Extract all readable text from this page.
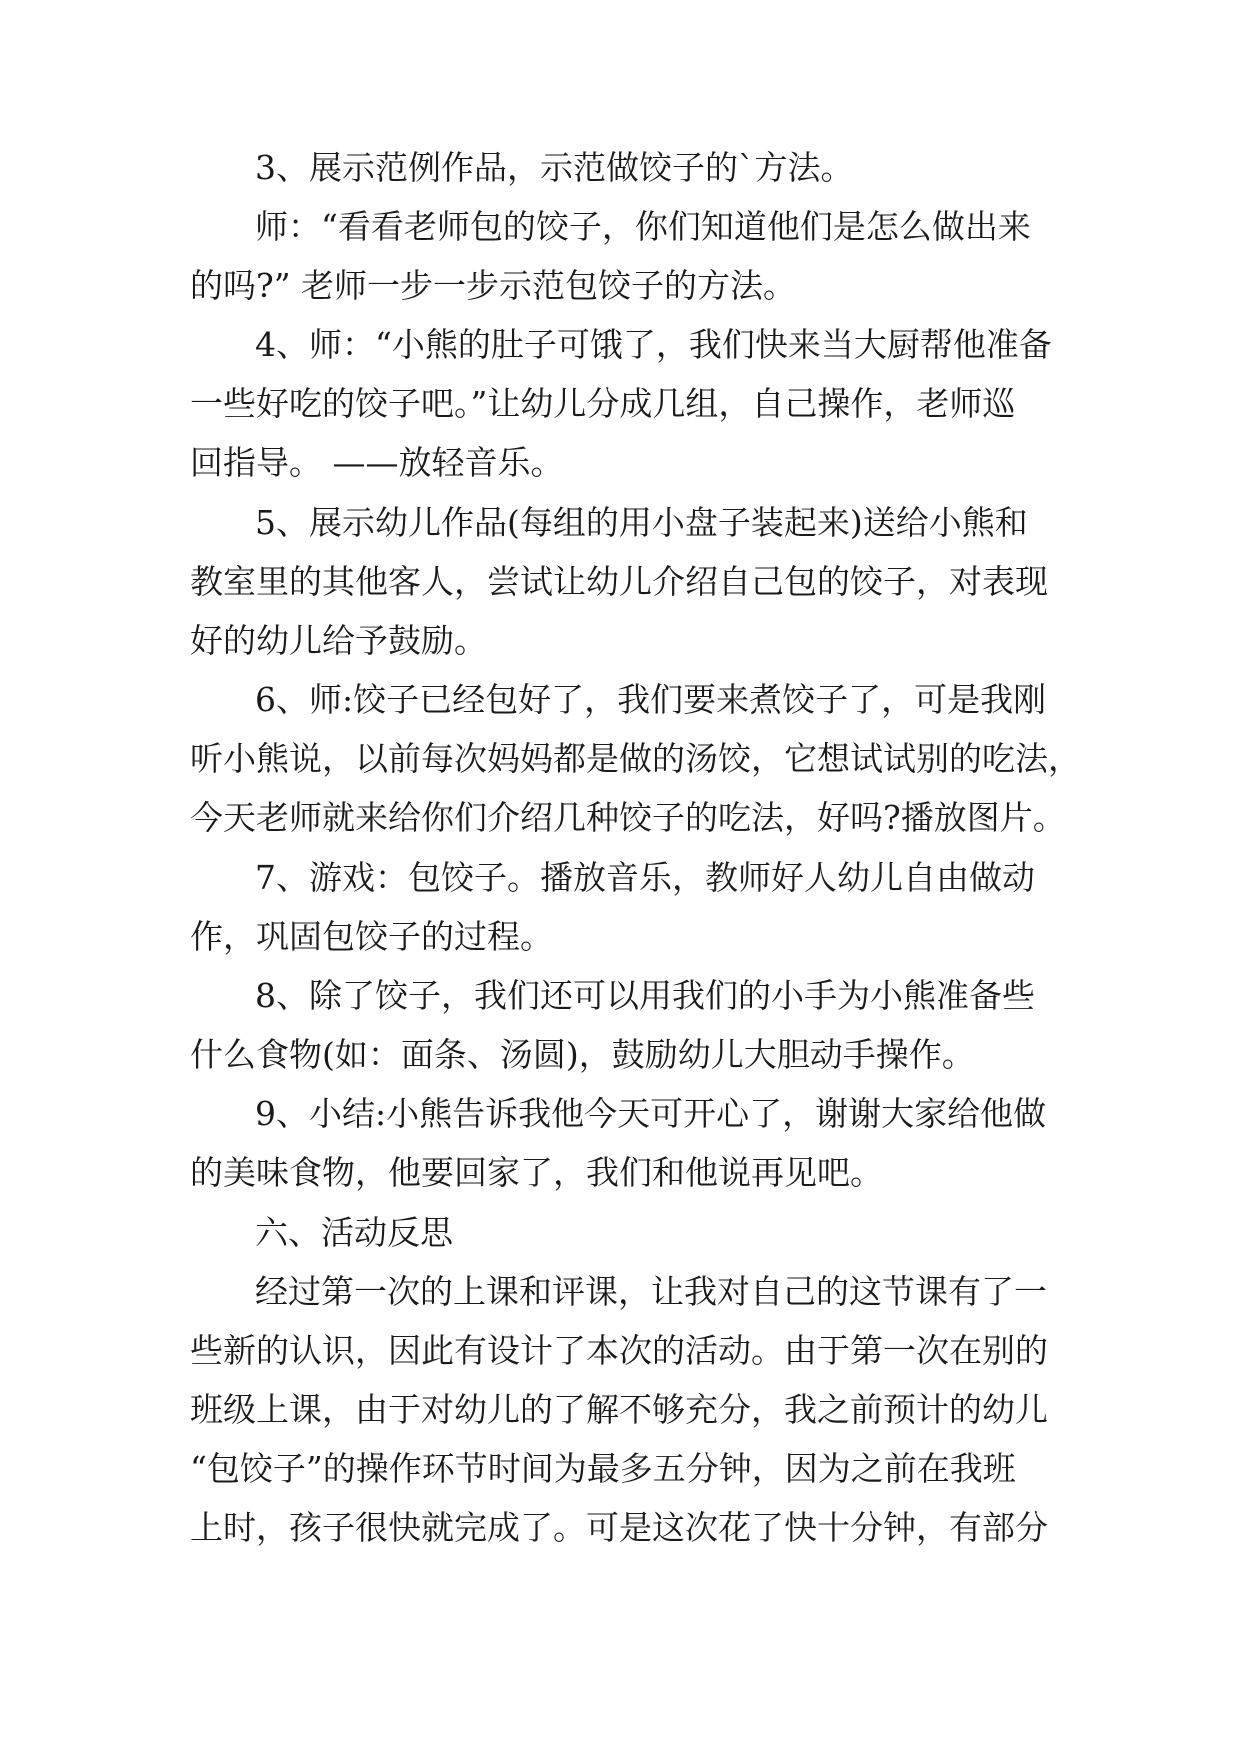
3、展示范例作品，示范做饺子的`方法。

师：“看看老师包的饺子，你们知道他们是怎么做出来

的吗?” 老师一步一步示范包饺子的方法。

4、师：“小熊的肚子可饿了，我们快来当大厨帮他准备

一些好吃的饺子吧。”让幼儿分成几组，自己操作，老师巡

回指导。 ——放轻音乐。

5、展示幼儿作品(每组的用小盘子装起来)送给小熊和

教室里的其他客人，尝试让幼儿介绍自己包的饺子，对表现

好的幼儿给予鼓励。

6、师:饺子已经包好了，我们要来煮饺子了，可是我刚

听小熊说，以前每次妈妈都是做的汤饺，它想试试别的吃法，

今天老师就来给你们介绍几种饺子的吃法，好吗?播放图片。

7、游戏：包饺子。播放音乐，教师好人幼儿自由做动

作，巩固包饺子的过程。

8、除了饺子，我们还可以用我们的小手为小熊准备些

什么食物(如：面条、汤圆)，鼓励幼儿大胆动手操作。

9、小结:小熊告诉我他今天可开心了，谢谢大家给他做

的美味食物，他要回家了，我们和他说再见吧。

六、活动反思

经过第一次的上课和评课，让我对自己的这节课有了一

些新的认识，因此有设计了本次的活动。由于第一次在别的

班级上课，由于对幼儿的了解不够充分，我之前预计的幼儿

“包饺子”的操作环节时间为最多五分钟，因为之前在我班

上时，孩子很快就完成了。可是这次花了快十分钟，有部分
